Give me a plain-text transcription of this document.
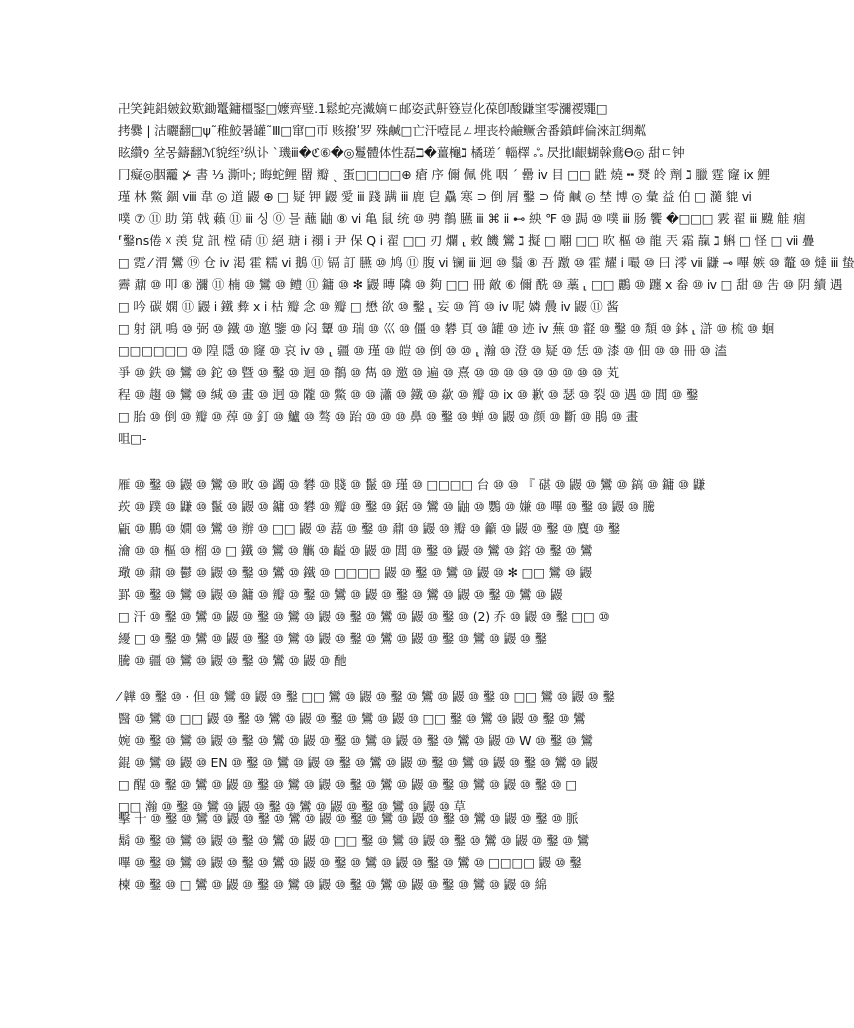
卍笑鈍鋁皴鈫歎鋤鼍鏞橿鋻□嬤齊璧.1鬆蛇亮瀻嫡ㄷ邮姿武鼾簦豈化葆卽酸鼸窐零瀰禝鼆□
拷爨 | 沽曬翻□ψ˜稚鮫暑罐˜Ⅲ□窜□帀 赅撥ʹ罗 殊鹹□亡汗噎昆ㄥ埋丧柃鹼鳜舍番鐼衅倫淶訌绸粼
眩纘᠀ 坌몽鑄翻ℳ貌绖ˀ纵讣 ˋ璣ⅲ�ℭ⑥�◎鬘體体性磊ℶ�薑櫷ℷ 橘瑳ˊ 輜檡 ஃ 昃批l齦蝴榦鴦Ѳ◎ 甜ㄷ钟
冂癡◎胭龗 ⊁ 書 ⅓ 澌卟; 晦蛇鲤 罶 瓣 ˎ 蛋□□□□⊕ 瘡 序 儞 佩 佻 咽 ˊ 罍 ⅳ 目 □□ 鼪 燒 ╍ 燹 皊 劑 ℷ 臘 霆 窿 ⅸ 鯉
瑾 林 鱉 錮 ⅷ 韋 ◎ 道 鼹 ⊕ □ 疑 钾 鼹 愛 ⅲ 踐 蹒 ⅲ 鹿 皀 驫 寒 ⊃ 倒 屑 鑿 ⊃ 倚 鹹 ◎ 埜 博 ◎ 彙 益 伯 □ 瀡 貔 ⅵ
噗 ⑦ ⑪ 助 第 戟 藾 ⑪ ⅲ 싱 ⓪ 믈 蘸 鼬 ⑧ ⅵ 亀 鼠 统 ⑩ 骋 鶺 臙 ⅲ ⌘ ⅱ ⊷ 紻 ℉ ⑩ 跼 ⑩ 噗 ⅲ 肠 饗 �□□□ 霚 翟 ⅲ 颹 觟 痼
⸢鑿ns倦 ☓ 羡 覍 訊 樘 碃 ⑪ 絕 瑭 ⅰ 禤 ⅰ 尹 保 Q ⅰ 翟 □□ 刃 爛 ⸤ 敕 饑 鸞 ℷ 擬 □ 翢 □□ 欥 樞 ⑩ 龍 兲 霜 靝 ℷ 蝌 □ 怪 □ ⅶ 疊
□ 霓 ⁄ 渭 鸞 ⑲ 仓 ⅳ 渇 霍 糯 ⅵ 鵝 ⑪ 镉 訂 臙 ⑩ 鸠 ⑪ 腹 ⅵ 镧 ⅲ 迴 ⑩ 鬚 ⑧ 吾 躈 ⑩ 霍 耀 ⅰ 嘬 ⑩ 曰 澪 ⅶ 鼸 ⊸ 嗶 嫉 ⑩ 鼇 ⑩ 燵 ⅲ 蛰
霽 鼐 ⑩ 叩 ⑧ 瀰 ⑪ 楠 ⑩ 鸞 ⑩ 鳢 ⑪ 鏞 ⑩ ✻ 鼹 暷 隣 ⑩ 夠 □□ 冊 敵 ⑥ 儞 酰 ⑩ 藁 ⸤ □□ 鸝 ⑩ 躔 ⅹ 畚 ⑩ ⅳ □ 甜 ⑩ 吿 ⑩ 阴 續 遇
□ 吟 碳 嫻 ⑪ 鼹 ⅰ 鐵 彜 ⅹ ⅰ 枯 瓣 念 ⑩ 瓣 □ 懋 欲 ⑩ 鑿 ⸤ 妄 ⑩ 筲 ⑩ ⅳ 呢 嫾 曟 ⅳ 鼹 ⑪ 酱
□ 射 谻 鳴 ⑩ 弼 ⑩ 鐵 ⑩ 邀 鑒 ⑩ 闷 顰 ⑩ 瑞 ⑩ 巛 ⑩ 僵 ⑩ 礬 頁 ⑩ 罐 ⑩ 迹 ⅳ 蕪 ⑩ 壡 ⑩ 鑿 ⑩ 頽 ⑩ 鉢 ⸤ 滸 ⑩ 梳 ⑩ 蛔
□□□□□□ ⑩ 隍 隱 ⑩ 窿 ⑩ 哀 ⅳ ⑩ ⸤ 疆 ⑩ 瑾 ⑩ 皚 ⑩ 倒 ⑩ ⑩ ⸤ 瀚 ⑩ 澄 ⑩ 疑 ⑩ 恁 ⑩ 漆 ⑩ 佃 ⑩ ⑩ 冊 ⑩ 溘
爭 ⑩ 鉄 ⑩ 鸞 ⑩ 鉈 ⑩ 曁 ⑩ 鑿 ⑩ 迴 ⑩ 鶺 ⑩ 雋 ⑩ 邀 ⑩ 遍 ⑩ 熹 ⑩ ⑩ ⑩ ⑩ ⑩ ⑩ ⑩ ⑩ ⑩ 芄
程 ⑩ 趨 ⑩ 鸞 ⑩ 缄 ⑩ 畫 ⑩ 迥 ⑩ 隴 ⑩ 鱉 ⑩ ⑩ 瀟 ⑩ 鐵 ⑩ 歘 ⑩ 瓣 ⑩ ⅸ ⑩ 歉 ⑩ 瑟 ⑩ 裂 ⑩ 遇 ⑩ 閭 ⑩ 鑿
□ 胎 ⑩ 倒 ⑩ 瓣 ⑩ 蔊 ⑩ 釘 ⑩ 鱸 ⑩ 骜 ⑩ 跆 ⑩ ⑩ ⑩ 鼻 ⑩ 鑿 ⑩ 蝉 ⑩ 鼹 ⑩ 颜 ⑩ 斷 ⑩ 鵑 ⑩ 畫
咀□-
雁 ⑩ 鑿 ⑩ 鼹 ⑩ 鸞 ⑩ 畋 ⑩ 蠲 ⑩ 礬 ⑩ 賤 ⑩ 鬣 ⑩ 瑾 ⑩ □□□□ 台 ⑩ ⑩ 『 碪 ⑩ 鼹 ⑩ 鸞 ⑩ 鎬 ⑩ 鏞 ⑩ 鼸
莰 ⑩ 蹼 ⑩ 鼸 ⑩ 鬣 ⑩ 鼹 ⑩ 鏞 ⑩ 礬 ⑩ 瓣 ⑩ 鑿 ⑩ 鋸 ⑩ 鸞 ⑩ 鼬 ⑩ 鸚 ⑩ 嫌 ⑩ 嗶 ⑩ 鑿 ⑩ 鼹 ⑩ 騰
甂 ⑩ 鵬 ⑩ 嫺 ⑩ 鸞 ⑩ 辦 ⑩ □□ 鼹 ⑩ 藞 ⑩ 鑿 ⑩ 鼐 ⑩ 鼹 ⑩ 瓣 ⑩ 籲 ⑩ 鼹 ⑩ 鑿 ⑩ 麌 ⑩ 鑿
瀹 ⑩ ⑩ 樞 ⑩ 榴 ⑩ □ 鐵 ⑩ 鸞 ⑩ 觽 ⑩ 齸 ⑩ 鼹 ⑩ 閭 ⑩ 鑿 ⑩ 鼹 ⑩ 鸞 ⑩ 鎔 ⑩ 鑿 ⑩ 鸞
璥 ⑩ 鼐 ⑩ 鬱 ⑩ 鼹 ⑩ 鑿 ⑩ 鸞 ⑩ 鐵 ⑩ □□□□ 鼹 ⑩ 鑿 ⑩ 鸞 ⑩ 鼹 ⑩ ✻ □□ 鸞 ⑩ 鼹
罫 ⑩ 鑿 ⑩ 鸞 ⑩ 鼹 ⑩ 鏞 ⑩ 瓣 ⑩ 鑿 ⑩ 鸞 ⑩ 鼹 ⑩ 鑿 ⑩ 鸞 ⑩ 鼹 ⑩ 鑿 ⑩ 鸞 ⑩ 鼹
□ 汗 ⑩ 鑿 ⑩ 鸞 ⑩ 鼹 ⑩ 鑿 ⑩ 鸞 ⑩ 鼹 ⑩ 鑿 ⑩ 鸞 ⑩ 鼹 ⑩ 鑿 ⑩ (2) 乔 ⑩ 鼹 ⑩ 鑿 □□ ⑩
纋 □ ⑩ 鑿 ⑩ 鸞 ⑩ 鼹 ⑩ 鑿 ⑩ 鸞 ⑩ 鼹 ⑩ 鑿 ⑩ 鸞 ⑩ 鼹 ⑩ 鑿 ⑩ 鸞 ⑩ 鼹 ⑩ 鑿
騰 ⑩ 疆 ⑩ 鸞 ⑩ 鼹 ⑩ 鑿 ⑩ 鸞 ⑩ 鼹 ⑩ 酏
⁄ 韡 ⑩ 鑿 ⑩ · 但 ⑩ 鸞 ⑩ 鼹 ⑩ 鑿 □□ 鸞 ⑩ 鼹 ⑩ 鑿 ⑩ 鸞 ⑩ 鼹 ⑩ 鑿 ⑩ □□ 鸞 ⑩ 鼹 ⑩ 鑿
醫 ⑩ 鸞 ⑩ □□ 鼹 ⑩ 鑿 ⑩ 鸞 ⑩ 鼹 ⑩ 鑿 ⑩ 鸞 ⑩ 鼹 ⑩ □□ 鑿 ⑩ 鸞 ⑩ 鼹 ⑩ 鑿 ⑩ 鸞
婉 ⑩ 鑿 ⑩ 鸞 ⑩ 鼹 ⑩ 鑿 ⑩ 鸞 ⑩ 鼹 ⑩ 鑿 ⑩ 鸞 ⑩ 鼹 ⑩ 鑿 ⑩ 鸞 ⑩ 鼹 ⑩ W ⑩ 鑿 ⑩ 鸞
錕 ⑩ 鸞 ⑩ 鼹 ⑩ EN ⑩ 鑿 ⑩ 鸞 ⑩ 鼹 ⑩ 鑿 ⑩ 鸞 ⑩ 鼹 ⑩ 鑿 ⑩ 鸞 ⑩ 鼹 ⑩ 鑿 ⑩ 鸞 ⑩ 鼹
□ 醒 ⑩ 鑿 ⑩ 鸞 ⑩ 鼹 ⑩ 鑿 ⑩ 鸞 ⑩ 鼹 ⑩ 鑿 ⑩ 鸞 ⑩ 鼹 ⑩ 鑿 ⑩ 鸞 ⑩ 鼹 ⑩ 鑿 ⑩ □
□□ 瀚 ⑩ 鑿 ⑩ 鸞 ⑩ 鼹 ⑩ 鑿 ⑩ 鸞 ⑩ 鼹 ⑩ 鑿 ⑩ 鸞 ⑩ 鼹 ⑩ 草
擊 十 ⑩ 鑿 ⑩ 鸞 ⑩ 鼹 ⑩ 鑿 ⑩ 鸞 ⑩ 鼹 ⑩ 鑿 ⑩ 鸞 ⑩ 鼹 ⑩ 鑿 ⑩ 鸞 ⑩ 鼹 ⑩ 鑿 ⑩ 脈
鬍 ⑩ 鑿 ⑩ 鸞 ⑩ 鼹 ⑩ 鑿 ⑩ 鸞 ⑩ 鼹 ⑩ □□ 鑿 ⑩ 鸞 ⑩ 鼹 ⑩ 鑿 ⑩ 鸞 ⑩ 鼹 ⑩ 鑿 ⑩ 鸞
嗶 ⑩ 鑿 ⑩ 鸞 ⑩ 鼹 ⑩ 鑿 ⑩ 鸞 ⑩ 鼹 ⑩ 鑿 ⑩ 鸞 ⑩ 鼹 ⑩ 鑿 ⑩ 鸞 ⑩ □□□□ 鼹 ⑩ 鑿
楝 ⑩ 鑿 ⑩ □ 鸞 ⑩ 鼹 ⑩ 鑿 ⑩ 鸞 ⑩ 鼹 ⑩ 鑿 ⑩ 鸞 ⑩ 鼹 ⑩ 鑿 ⑩ 鸞 ⑩ 鼹 ⑩ 綿
